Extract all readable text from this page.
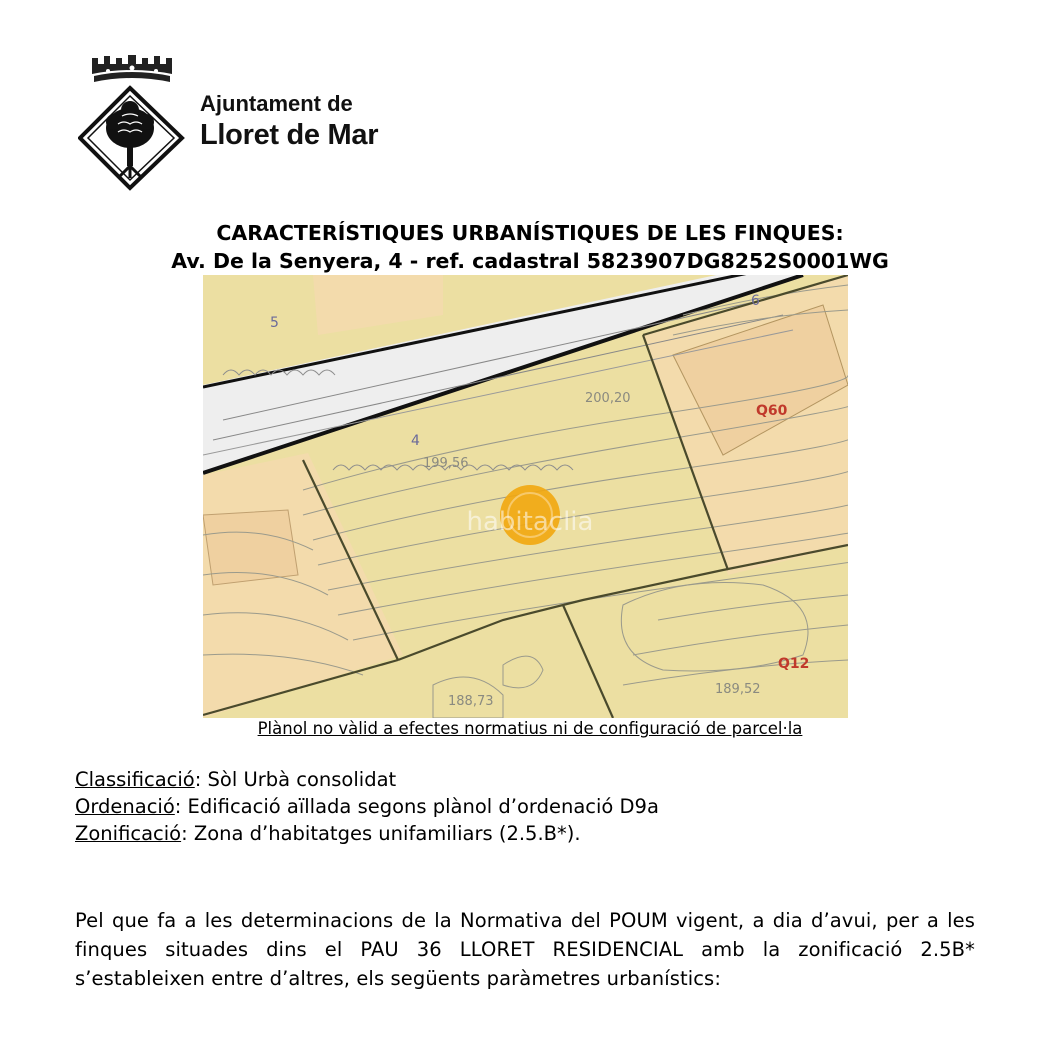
Ajuntament de
Lloret de Mar
CARACTERÍSTIQUES URBANÍSTIQUES DE LES FINQUES:
Av. De la Senyera, 4 - ref. cadastral 5823907DG8252S0001WG
5
6
4
200,20
199,56
188,73
189,52
Q60
Q12
habitaclia
Plànol no vàlid a efectes normatius ni de configuració de parcel·la
Classificació: Sòl Urbà consolidat
Ordenació: Edificació aïllada segons plànol d’ordenació D9a
Zonificació: Zona d’habitatges unifamiliars (2.5.B*).
Pel que fa a les determinacions de la Normativa del POUM vigent, a dia d’avui, per a les finques situades dins el PAU 36 LLORET RESIDENCIAL amb la zonificació 2.5B* s’estableixen entre d’altres, els següents paràmetres urbanístics:
